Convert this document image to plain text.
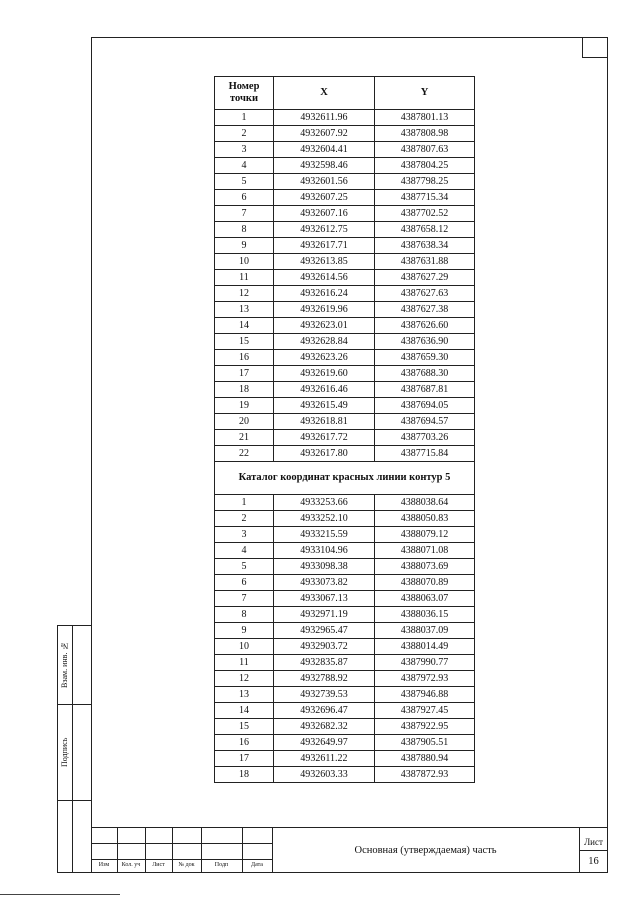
Взам. инв. №
Подпись
Номер
точки	X	Y
1	4932611.96	4387801.13
2	4932607.92	4387808.98
3	4932604.41	4387807.63
4	4932598.46	4387804.25
5	4932601.56	4387798.25
6	4932607.25	4387715.34
7	4932607.16	4387702.52
8	4932612.75	4387658.12
9	4932617.71	4387638.34
10	4932613.85	4387631.88
11	4932614.56	4387627.29
12	4932616.24	4387627.63
13	4932619.96	4387627.38
14	4932623.01	4387626.60
15	4932628.84	4387636.90
16	4932623.26	4387659.30
17	4932619.60	4387688.30
18	4932616.46	4387687.81
19	4932615.49	4387694.05
20	4932618.81	4387694.57
21	4932617.72	4387703.26
22	4932617.80	4387715.84
Каталог координат красных линии контур 5		
1	4933253.66	4388038.64
2	4933252.10	4388050.83
3	4933215.59	4388079.12
4	4933104.96	4388071.08
5	4933098.38	4388073.69
6	4933073.82	4388070.89
7	4933067.13	4388063.07
8	4932971.19	4388036.15
9	4932965.47	4388037.09
10	4932903.72	4388014.49
11	4932835.87	4387990.77
12	4932788.92	4387972.93
13	4932739.53	4387946.88
14	4932696.47	4387927.45
15	4932682.32	4387922.95
16	4932649.97	4387905.51
17	4932611.22	4387880.94
18	4932603.33	4387872.93
Изм	Кол. уч	Лист	№ док	Подп	Дата
Основная (утверждаемая) часть
Лист
16
